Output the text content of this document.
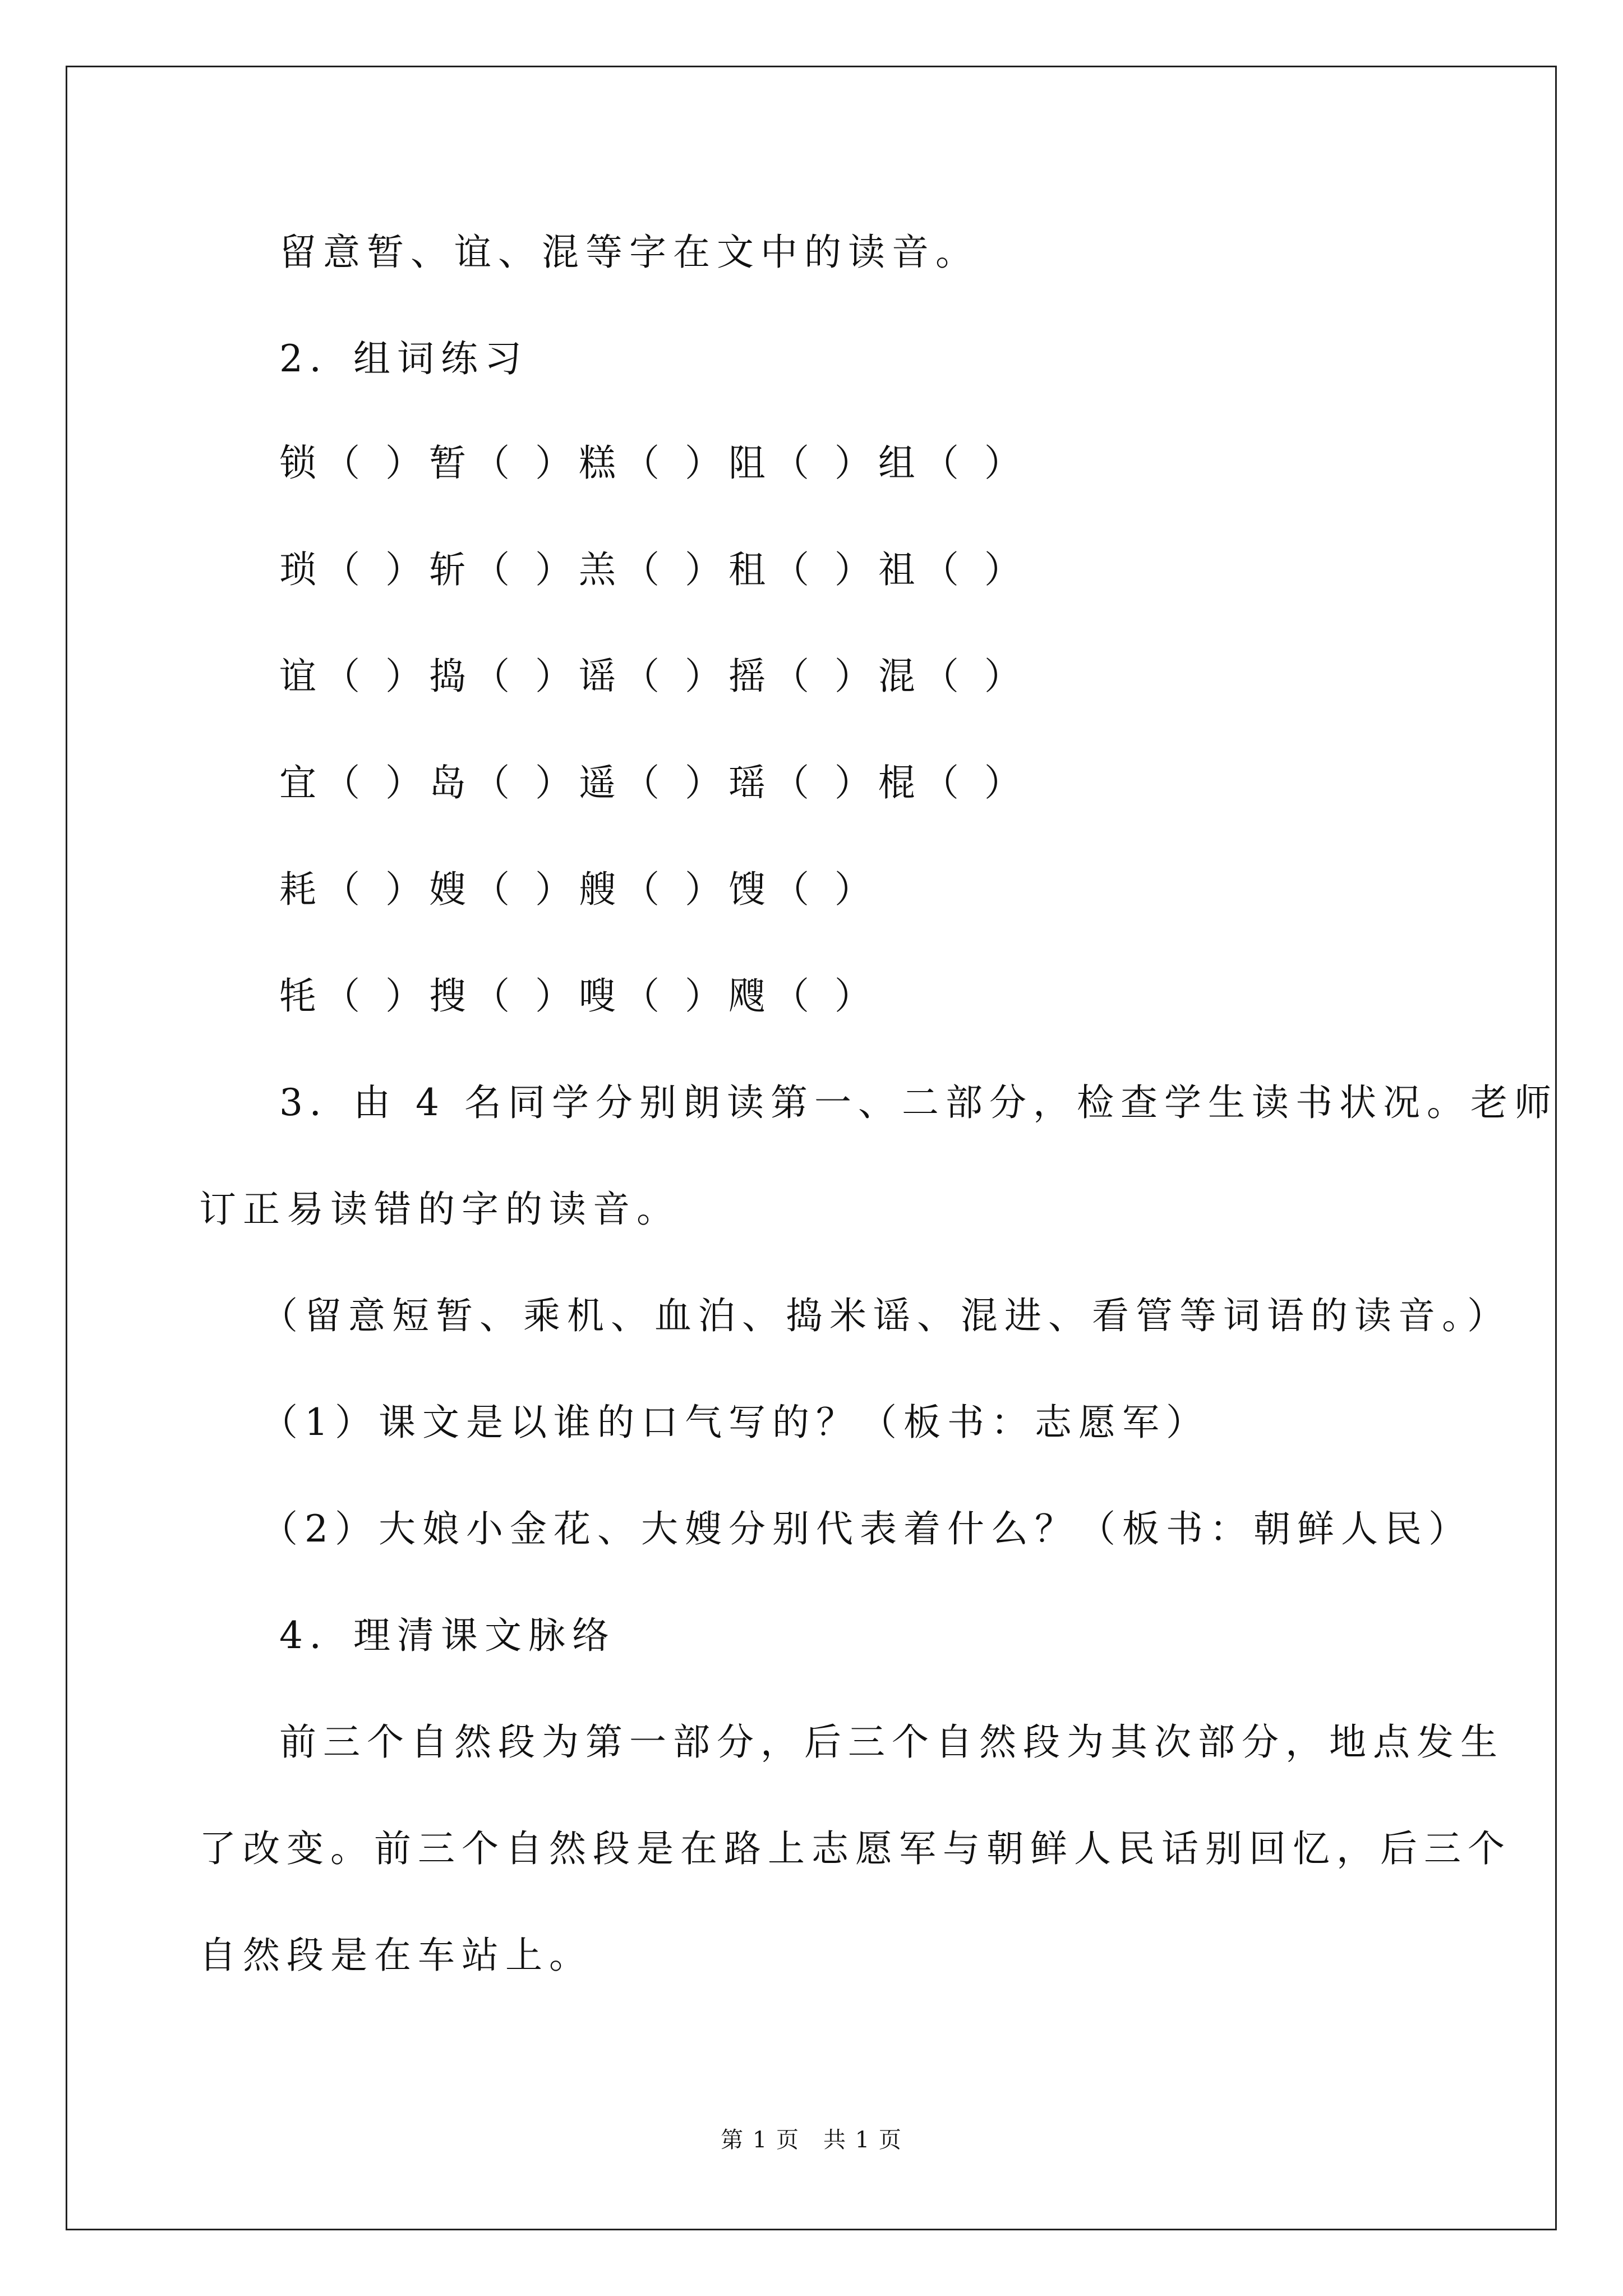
留意暂、谊、混等字在文中的读音。
2．组词练习
锁（ ）暂（ ）糕（ ）阻（ ）组（ ）
琐（ ）斩（ ）羔（ ）租（ ）祖（ ）
谊（ ）捣（ ）谣（ ）摇（ ）混（ ）
宜（ ）岛（ ）遥（ ）瑶（ ）棍（ ）
耗（ ）嫂（ ）艘（ ）馊（ ）
牦（ ）搜（ ）嗖（ ）飕（ ）
3．由 4 名同学分别朗读第一、二部分，检查学生读书状况。老师
订正易读错的字的读音。
（留意短暂、乘机、血泊、捣米谣、混进、看管等词语的读音。）
（1）课文是以谁的口气写的？（板书：志愿军）
（2）大娘小金花、大嫂分别代表着什么？（板书：朝鲜人民）
4．理清课文脉络
前三个自然段为第一部分，后三个自然段为其次部分，地点发生
了改变。前三个自然段是在路上志愿军与朝鲜人民话别回忆，后三个
自然段是在车站上。
第 1 页　共 1 页
